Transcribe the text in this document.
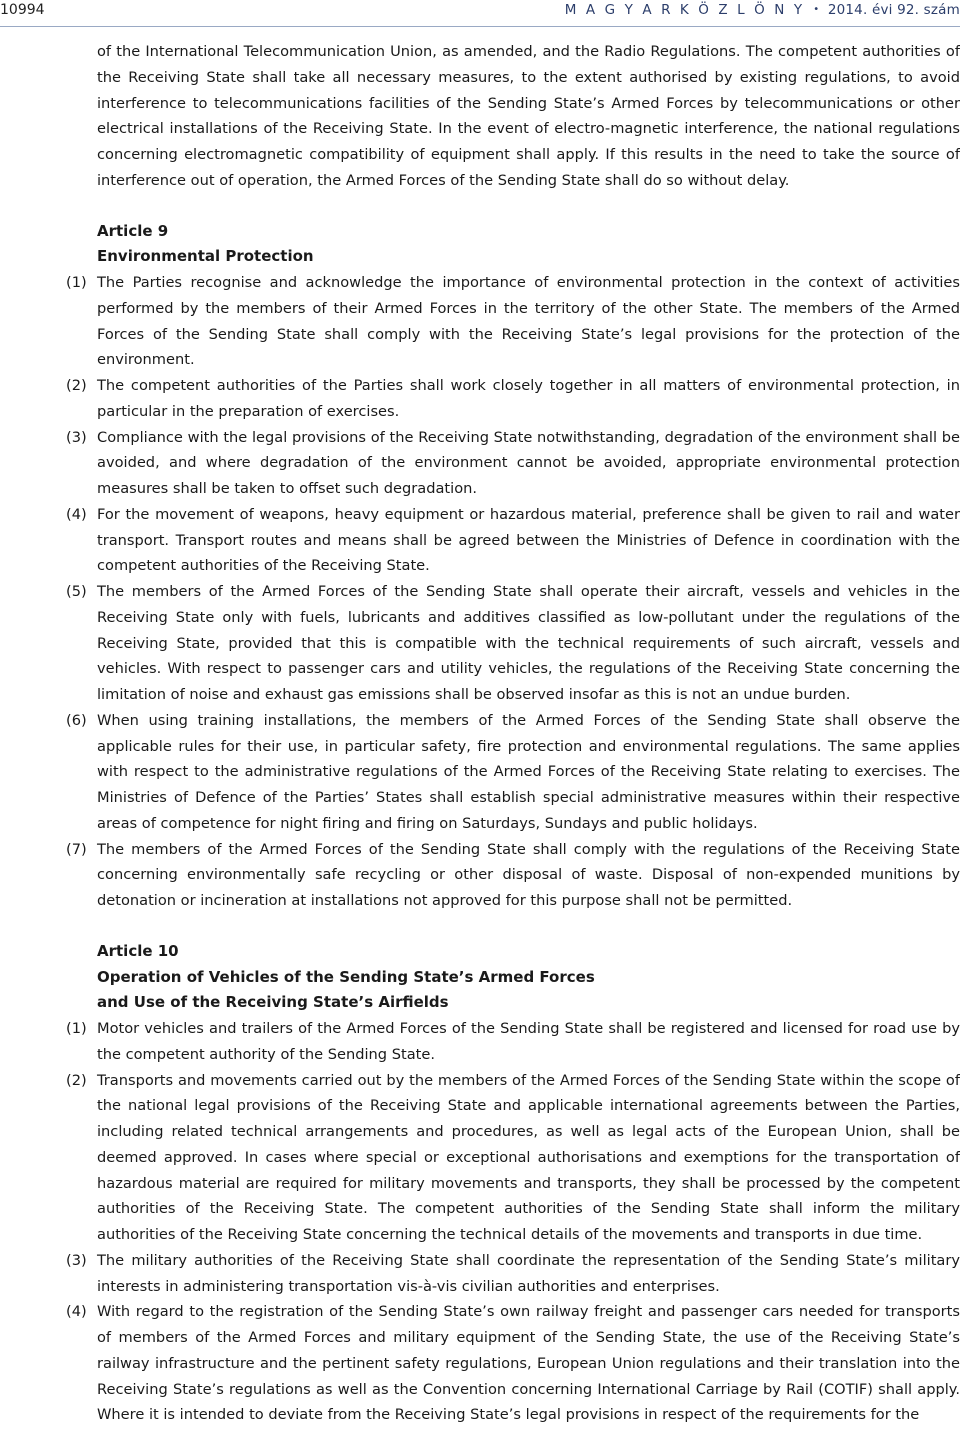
10994	M A G Y A R K Ö Z L Ö N Y • 2014. évi 92. szám

of the International Telecommunication Union, as amended, and the Radio Regulations. The competent authorities of the Receiving State shall take all necessary measures, to the extent authorised by existing regulations, to avoid interference to telecommunications facilities of the Sending State’s Armed Forces by telecommunications or other electrical installations of the Receiving State. In the event of electro-magnetic interference, the national regulations concerning electromagnetic compatibility of equipment shall apply. If this results in the need to take the source of interference out of operation, the Armed Forces of the Sending State shall do so without delay.

Article 9
Environmental Protection
(1) The Parties recognise and acknowledge the importance of environmental protection in the context of activities performed by the members of their Armed Forces in the territory of the other State. The members of the Armed Forces of the Sending State shall comply with the Receiving State’s legal provisions for the protection of the environment.

(2) The competent authorities of the Parties shall work closely together in all matters of environmental protection, in particular in the preparation of exercises.

(3) Compliance with the legal provisions of the Receiving State notwithstanding, degradation of the environment shall be avoided, and where degradation of the environment cannot be avoided, appropriate environmental protection measures shall be taken to offset such degradation.

(4) For the movement of weapons, heavy equipment or hazardous material, preference shall be given to rail and water transport. Transport routes and means shall be agreed between the Ministries of Defence in coordination with the competent authorities of the Receiving State.

(5) The members of the Armed Forces of the Sending State shall operate their aircraft, vessels and vehicles in the Receiving State only with fuels, lubricants and additives classified as low-pollutant under the regulations of the Receiving State, provided that this is compatible with the technical requirements of such aircraft, vessels and vehicles. With respect to passenger cars and utility vehicles, the regulations of the Receiving State concerning the limitation of noise and exhaust gas emissions shall be observed insofar as this is not an undue burden.

(6) When using training installations, the members of the Armed Forces of the Sending State shall observe the applicable rules for their use, in particular safety, fire protection and environmental regulations. The same applies with respect to the administrative regulations of the Armed Forces of the Receiving State relating to exercises. The Ministries of Defence of the Parties’ States shall establish special administrative measures within their respective areas of competence for night firing and firing on Saturdays, Sundays and public holidays.

(7) The members of the Armed Forces of the Sending State shall comply with the regulations of the Receiving State concerning environmentally safe recycling or other disposal of waste. Disposal of non-expended munitions by detonation or incineration at installations not approved for this purpose shall not be permitted.

Article 10
Operation of Vehicles of the Sending State’s Armed Forces
and Use of the Receiving State’s Airfields
(1) Motor vehicles and trailers of the Armed Forces of the Sending State shall be registered and licensed for road use by the competent authority of the Sending State.

(2) Transports and movements carried out by the members of the Armed Forces of the Sending State within the scope of the national legal provisions of the Receiving State and applicable international agreements between the Parties, including related technical arrangements and procedures, as well as legal acts of the European Union, shall be deemed approved. In cases where special or exceptional authorisations and exemptions for the transportation of hazardous material are required for military movements and transports, they shall be processed by the competent authorities of the Receiving State. The competent authorities of the Sending State shall inform the military authorities of the Receiving State concerning the technical details of the movements and transports in due time.

(3) The military authorities of the Receiving State shall coordinate the representation of the Sending State’s military interests in administering transportation vis-à-vis civilian authorities and enterprises.

(4) With regard to the registration of the Sending State’s own railway freight and passenger cars needed for transports of members of the Armed Forces and military equipment of the Sending State, the use of the Receiving State’s railway infrastructure and the pertinent safety regulations, European Union regulations and their translation into the Receiving State’s regulations as well as the Convention concerning International Carriage by Rail (COTIF) shall apply. Where it is intended to deviate from the Receiving State’s legal provisions in respect of the requirements for the
